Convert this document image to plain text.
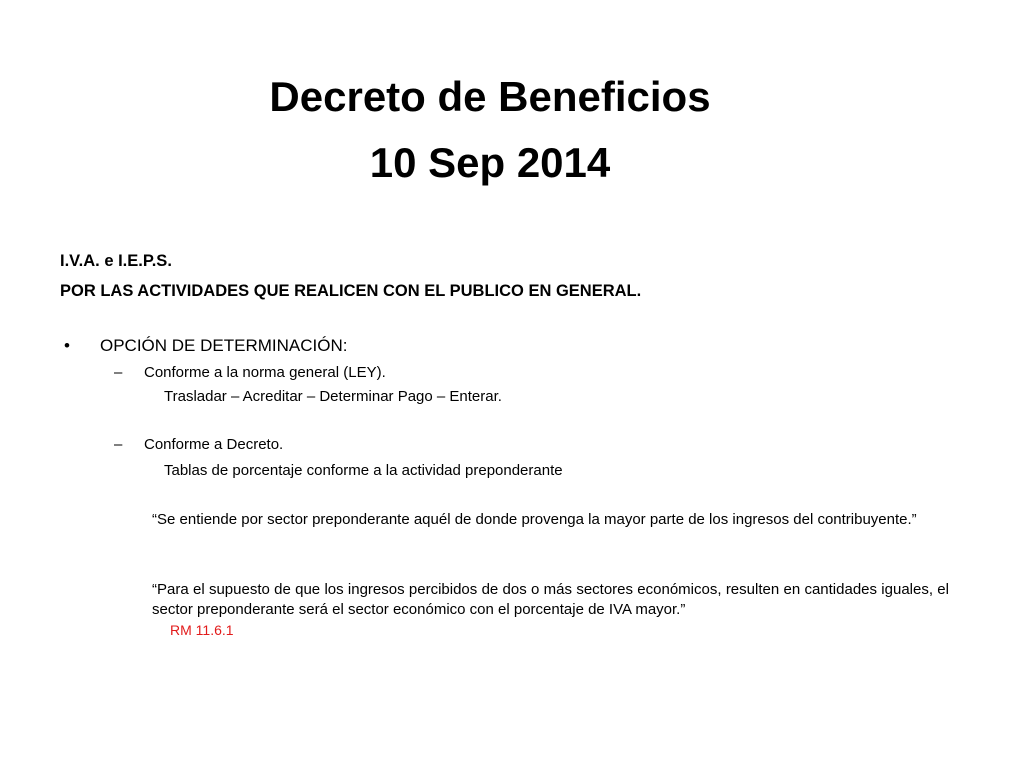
Decreto de Beneficios
10 Sep 2014
I.V.A. e I.E.P.S.
POR LAS ACTIVIDADES QUE REALICEN CON EL PUBLICO EN GENERAL.
• OPCIÓN DE DETERMINACIÓN:
– Conforme a la norma general (LEY).
Trasladar – Acreditar – Determinar Pago – Enterar.
– Conforme a Decreto.
Tablas de porcentaje conforme a la actividad preponderante
“Se entiende por sector preponderante aquél de donde provenga la mayor parte de los ingresos del contribuyente.”
“Para el supuesto de que los ingresos percibidos de dos o más sectores económicos, resulten en cantidades iguales, el sector preponderante será el sector económico con el porcentaje de IVA mayor.”
RM 11.6.1
